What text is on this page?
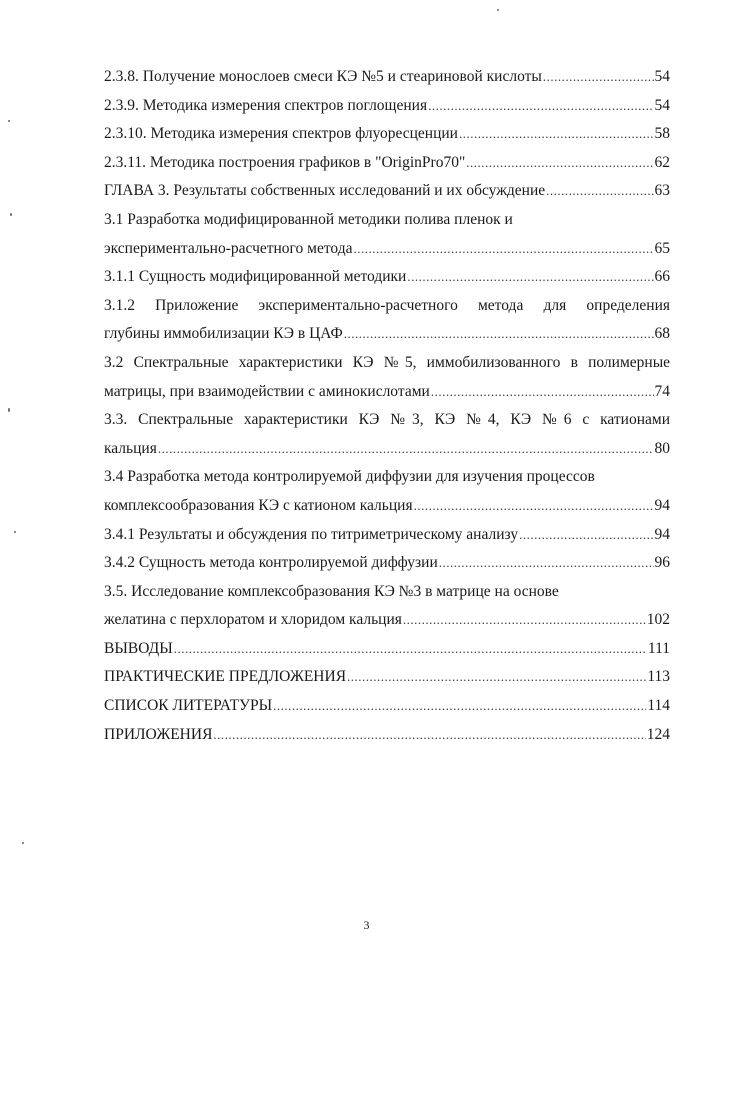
2.3.8. Получение монослоев смеси КЭ №5 и стеариновой кислоты .....	54
2.3.9. Методика измерения спектров поглощения .....	54
2.3.10. Методика измерения спектров флуоресценции .....	58
2.3.11. Методика построения графиков в "OriginPro70" .....	62
ГЛАВА 3. Результаты собственных исследований и их обсуждение .....	63
3.1 Разработка модифицированной методики полива пленок и
экспериментально-расчетного метода .....	65
3.1.1 Сущность модифицированной методики .....	66
3.1.2 Приложение экспериментально-расчетного метода для определения
глубины иммобилизации КЭ в ЦАФ .....	68
3.2 Спектральные характеристики КЭ №5, иммобилизованного в полимерные
матрицы, при взаимодействии с аминокислотами .....	74
3.3. Спектральные характеристики КЭ №3, КЭ №4, КЭ №6 с катионами
кальция .....	80
3.4 Разработка метода контролируемой диффузии для изучения процессов
комплексообразования КЭ с катионом кальция .....	94
3.4.1 Результаты и обсуждения по титриметрическому анализу .....	94
3.4.2 Сущность метода контролируемой диффузии .....	96
3.5. Исследование комплексобразования КЭ №3 в матрице на основе
желатина с перхлоратом и хлоридом кальция .....	102
ВЫВОДЫ .....	111
ПРАКТИЧЕСКИЕ ПРЕДЛОЖЕНИЯ .....	113
СПИСОК ЛИТЕРАТУРЫ .....	114
ПРИЛОЖЕНИЯ .....	124
3
